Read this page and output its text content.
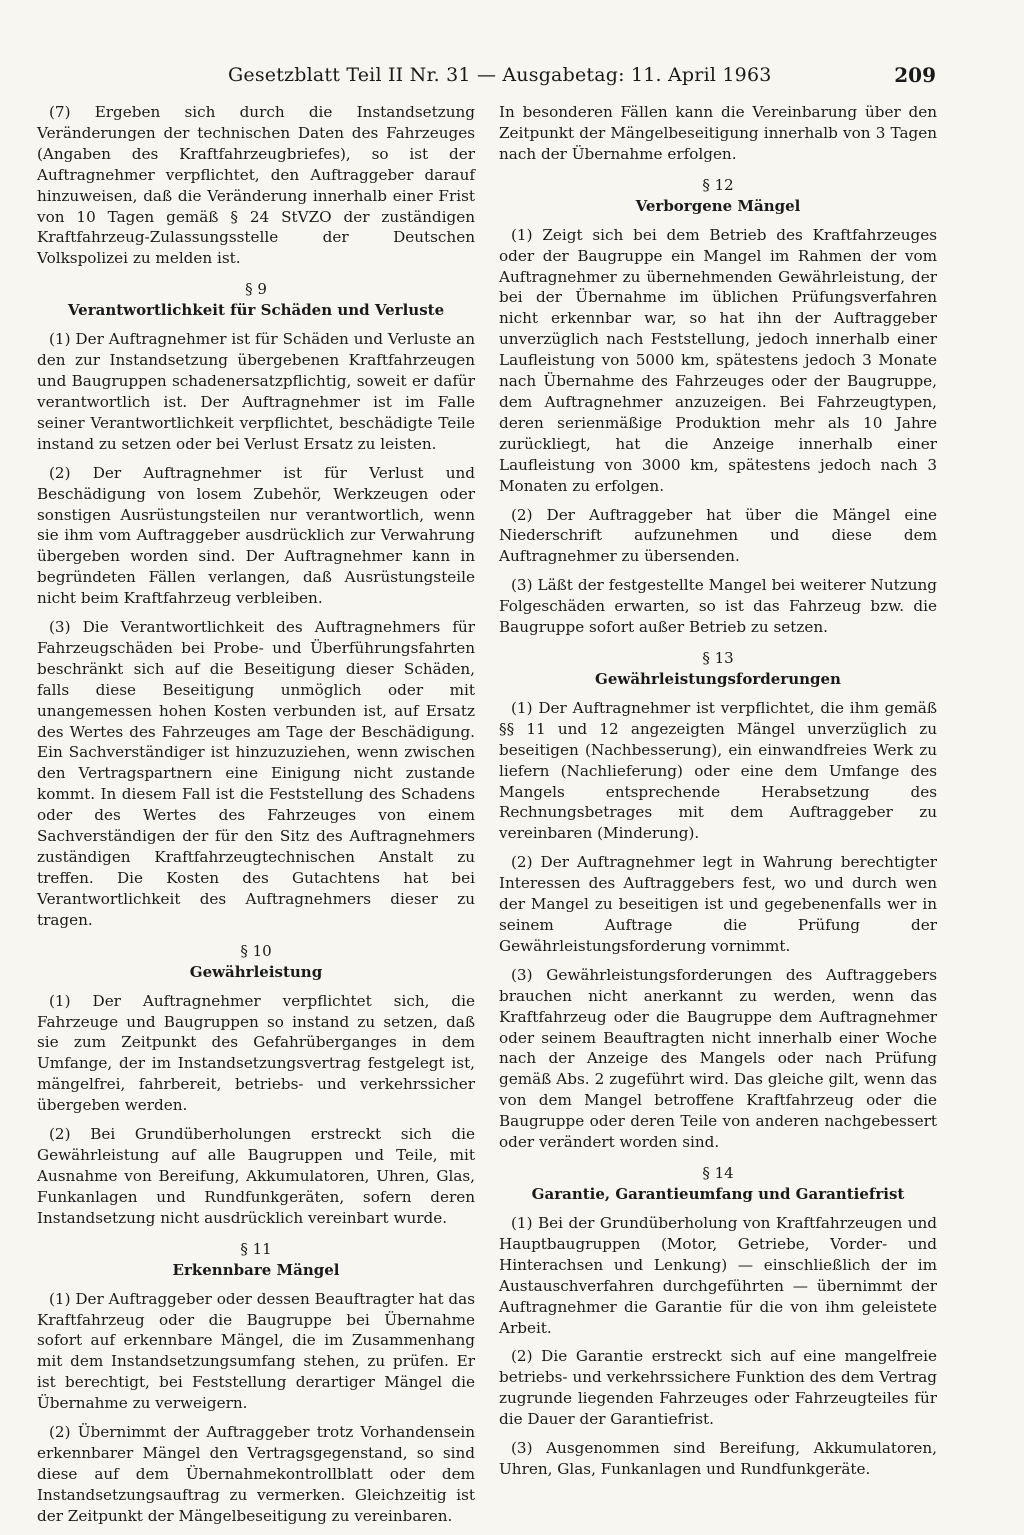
Gesetzblatt Teil II Nr. 31 — Ausgabetag: 11. April 1963	209

(7) Ergeben sich durch die Instandsetzung Veränderungen der technischen Daten des Fahrzeuges (Angaben des Kraftfahrzeugbriefes), so ist der Auftragnehmer verpflichtet, den Auftraggeber darauf hinzuweisen, daß die Veränderung innerhalb einer Frist von 10 Tagen gemäß § 24 StVZO der zuständigen Kraftfahrzeug-Zulassungsstelle der Deutschen Volkspolizei zu melden ist.

§ 9
Verantwortlichkeit für Schäden und Verluste

(1) Der Auftragnehmer ist für Schäden und Verluste an den zur Instandsetzung übergebenen Kraftfahrzeugen und Baugruppen schadenersatzpflichtig, soweit er dafür verantwortlich ist. Der Auftragnehmer ist im Falle seiner Verantwortlichkeit verpflichtet, beschädigte Teile instand zu setzen oder bei Verlust Ersatz zu leisten.

(2) Der Auftragnehmer ist für Verlust und Beschädigung von losem Zubehör, Werkzeugen oder sonstigen Ausrüstungsteilen nur verantwortlich, wenn sie ihm vom Auftraggeber ausdrücklich zur Verwahrung übergeben worden sind. Der Auftragnehmer kann in begründeten Fällen verlangen, daß Ausrüstungsteile nicht beim Kraftfahrzeug verbleiben.

(3) Die Verantwortlichkeit des Auftragnehmers für Fahrzeugschäden bei Probe- und Überführungsfahrten beschränkt sich auf die Beseitigung dieser Schäden, falls diese Beseitigung unmöglich oder mit unangemessen hohen Kosten verbunden ist, auf Ersatz des Wertes des Fahrzeuges am Tage der Beschädigung. Ein Sachverständiger ist hinzuzuziehen, wenn zwischen den Vertragspartnern eine Einigung nicht zustande kommt. In diesem Fall ist die Feststellung des Schadens oder des Wertes des Fahrzeuges von einem Sachverständigen der für den Sitz des Auftragnehmers zuständigen Kraftfahrzeugtechnischen Anstalt zu treffen. Die Kosten des Gutachtens hat bei Verantwortlichkeit des Auftragnehmers dieser zu tragen.

§ 10
Gewährleistung

(1) Der Auftragnehmer verpflichtet sich, die Fahrzeuge und Baugruppen so instand zu setzen, daß sie zum Zeitpunkt des Gefahrüberganges in dem Umfange, der im Instandsetzungsvertrag festgelegt ist, mängelfrei, fahrbereit, betriebs- und verkehrssicher übergeben werden.

(2) Bei Grundüberholungen erstreckt sich die Gewährleistung auf alle Baugruppen und Teile, mit Ausnahme von Bereifung, Akkumulatoren, Uhren, Glas, Funkanlagen und Rundfunkgeräten, sofern deren Instandsetzung nicht ausdrücklich vereinbart wurde.

§ 11
Erkennbare Mängel

(1) Der Auftraggeber oder dessen Beauftragter hat das Kraftfahrzeug oder die Baugruppe bei Übernahme sofort auf erkennbare Mängel, die im Zusammenhang mit dem Instandsetzungsumfang stehen, zu prüfen. Er ist berechtigt, bei Feststellung derartiger Mängel die Übernahme zu verweigern.

(2) Übernimmt der Auftraggeber trotz Vorhandensein erkennbarer Mängel den Vertragsgegenstand, so sind diese auf dem Übernahmekontrollblatt oder dem Instandsetzungsauftrag zu vermerken. Gleichzeitig ist der Zeitpunkt der Mängelbeseitigung zu vereinbaren.

In besonderen Fällen kann die Vereinbarung über den Zeitpunkt der Mängelbeseitigung innerhalb von 3 Tagen nach der Übernahme erfolgen.

§ 12
Verborgene Mängel

(1) Zeigt sich bei dem Betrieb des Kraftfahrzeuges oder der Baugruppe ein Mangel im Rahmen der vom Auftragnehmer zu übernehmenden Gewährleistung, der bei der Übernahme im üblichen Prüfungsverfahren nicht erkennbar war, so hat ihn der Auftraggeber unverzüglich nach Feststellung, jedoch innerhalb einer Laufleistung von 5000 km, spätestens jedoch 3 Monate nach Übernahme des Fahrzeuges oder der Baugruppe, dem Auftragnehmer anzuzeigen. Bei Fahrzeugtypen, deren serienmäßige Produktion mehr als 10 Jahre zurückliegt, hat die Anzeige innerhalb einer Laufleistung von 3000 km, spätestens jedoch nach 3 Monaten zu erfolgen.

(2) Der Auftraggeber hat über die Mängel eine Niederschrift aufzunehmen und diese dem Auftragnehmer zu übersenden.

(3) Läßt der festgestellte Mangel bei weiterer Nutzung Folgeschäden erwarten, so ist das Fahrzeug bzw. die Baugruppe sofort außer Betrieb zu setzen.

§ 13
Gewährleistungsforderungen

(1) Der Auftragnehmer ist verpflichtet, die ihm gemäß §§ 11 und 12 angezeigten Mängel unverzüglich zu beseitigen (Nachbesserung), ein einwandfreies Werk zu liefern (Nachlieferung) oder eine dem Umfange des Mangels entsprechende Herabsetzung des Rechnungsbetrages mit dem Auftraggeber zu vereinbaren (Minderung).

(2) Der Auftragnehmer legt in Wahrung berechtigter Interessen des Auftraggebers fest, wo und durch wen der Mangel zu beseitigen ist und gegebenenfalls wer in seinem Auftrage die Prüfung der Gewährleistungsforderung vornimmt.

(3) Gewährleistungsforderungen des Auftraggebers brauchen nicht anerkannt zu werden, wenn das Kraftfahrzeug oder die Baugruppe dem Auftragnehmer oder seinem Beauftragten nicht innerhalb einer Woche nach der Anzeige des Mangels oder nach Prüfung gemäß Abs. 2 zugeführt wird. Das gleiche gilt, wenn das von dem Mangel betroffene Kraftfahrzeug oder die Baugruppe oder deren Teile von anderen nachgebessert oder verändert worden sind.

§ 14
Garantie, Garantieumfang und Garantiefrist

(1) Bei der Grundüberholung von Kraftfahrzeugen und Hauptbaugruppen (Motor, Getriebe, Vorder- und Hinterachsen und Lenkung) — einschließlich der im Austauschverfahren durchgeführten — übernimmt der Auftragnehmer die Garantie für die von ihm geleistete Arbeit.

(2) Die Garantie erstreckt sich auf eine mangelfreie betriebs- und verkehrssichere Funktion des dem Vertrag zugrunde liegenden Fahrzeuges oder Fahrzeugteiles für die Dauer der Garantiefrist.

(3) Ausgenommen sind Bereifung, Akkumulatoren, Uhren, Glas, Funkanlagen und Rundfunkgeräte.
